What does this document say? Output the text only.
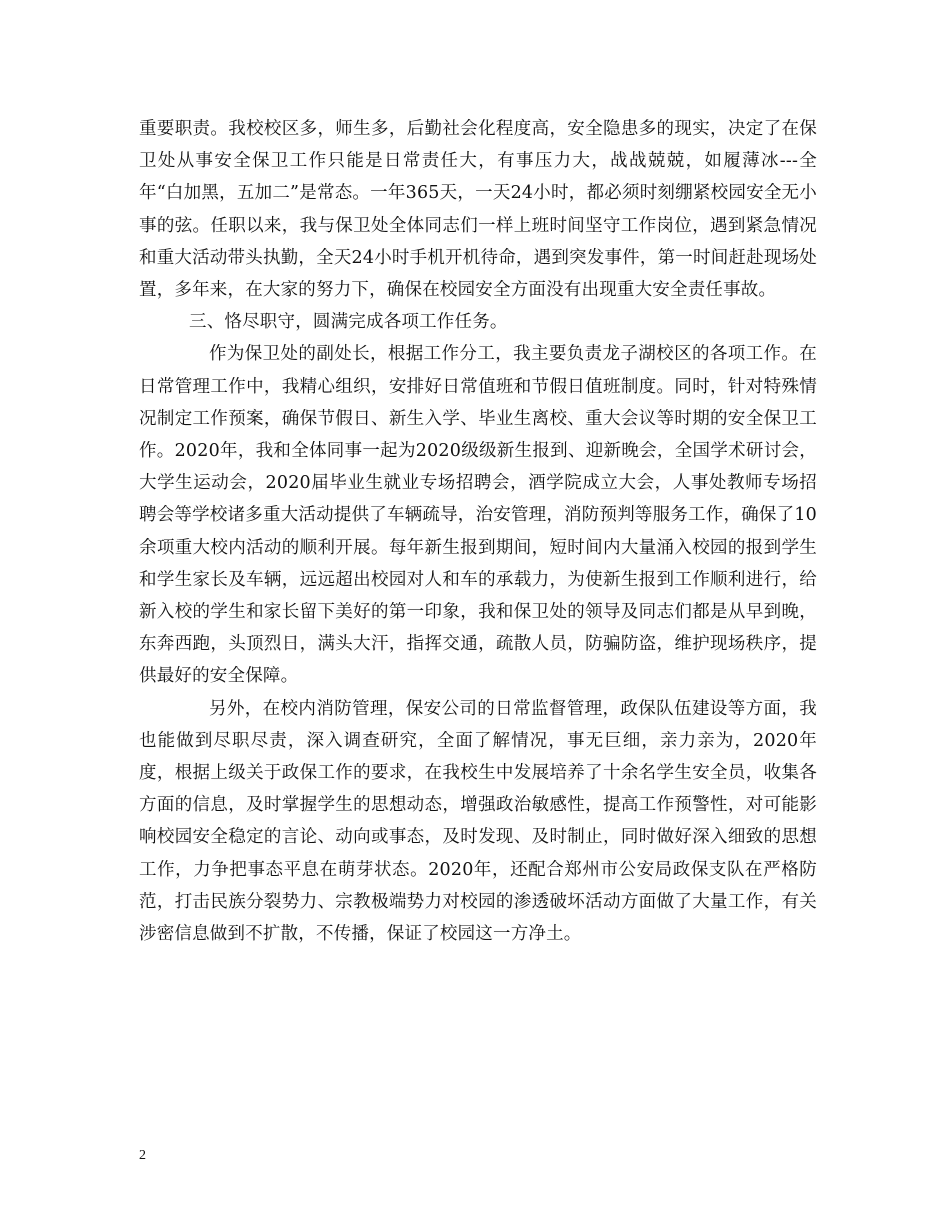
重要职责。我校校区多，师生多，后勤社会化程度高，安全隐患多的现实，决定了在保卫处从事安全保卫工作只能是日常责任大，有事压力大，战战兢兢，如履薄冰---全年“白加黑，五加二”是常态。一年365天，一天24小时，都必须时刻绷紧校园安全无小事的弦。任职以来，我与保卫处全体同志们一样上班时间坚守工作岗位，遇到紧急情况和重大活动带头执勤，全天24小时手机开机待命，遇到突发事件，第一时间赶赴现场处置，多年来，在大家的努力下，确保在校园安全方面没有出现重大安全责任事故。

三、恪尽职守，圆满完成各项工作任务。

作为保卫处的副处长，根据工作分工，我主要负责龙子湖校区的各项工作。在日常管理工作中，我精心组织，安排好日常值班和节假日值班制度。同时，针对特殊情况制定工作预案，确保节假日、新生入学、毕业生离校、重大会议等时期的安全保卫工作。2020年，我和全体同事一起为2020级级新生报到、迎新晚会，全国学术研讨会，大学生运动会，2020届毕业生就业专场招聘会，酒学院成立大会，人事处教师专场招聘会等学校诸多重大活动提供了车辆疏导，治安管理，消防预判等服务工作，确保了10余项重大校内活动的顺利开展。每年新生报到期间，短时间内大量涌入校园的报到学生和学生家长及车辆，远远超出校园对人和车的承载力，为使新生报到工作顺利进行，给新入校的学生和家长留下美好的第一印象，我和保卫处的领导及同志们都是从早到晚，东奔西跑，头顶烈日，满头大汗，指挥交通，疏散人员，防骗防盗，维护现场秩序，提供最好的安全保障。

另外，在校内消防管理，保安公司的日常监督管理，政保队伍建设等方面，我也能做到尽职尽责，深入调查研究，全面了解情况，事无巨细，亲力亲为，2020年度，根据上级关于政保工作的要求，在我校生中发展培养了十余名学生安全员，收集各方面的信息，及时掌握学生的思想动态，增强政治敏感性，提高工作预警性，对可能影响校园安全稳定的言论、动向或事态，及时发现、及时制止，同时做好深入细致的思想工作，力争把事态平息在萌芽状态。2020年，还配合郑州市公安局政保支队在严格防范，打击民族分裂势力、宗教极端势力对校园的渗透破坏活动方面做了大量工作，有关涉密信息做到不扩散，不传播，保证了校园这一方净土。

2
